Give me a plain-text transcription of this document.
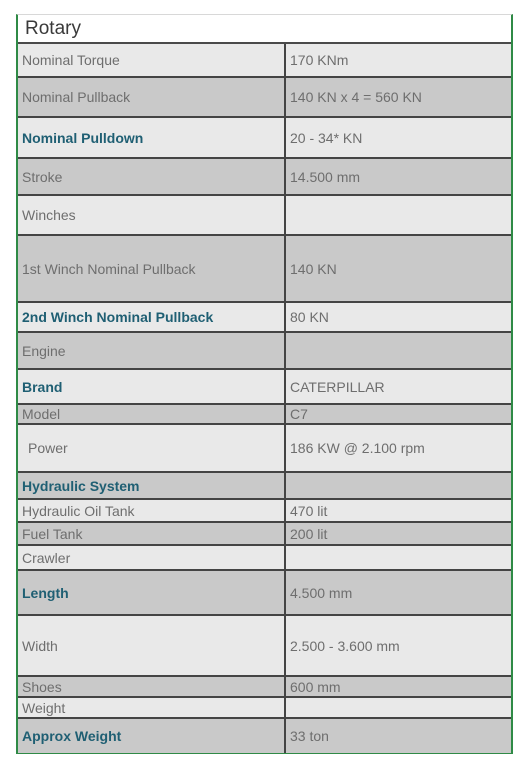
Rotary
Nominal Torque	170 KNm
Nominal Pullback	140 KN x 4 = 560 KN
Nominal Pulldown	20 - 34* KN
Stroke	14.500 mm
Winches	
1st Winch Nominal Pullback	140 KN
2nd Winch Nominal Pullback	80 KN
Engine	
Brand	CATERPILLAR
Model	C7
Power	186 KW @ 2.100 rpm
Hydraulic System	
Hydraulic Oil Tank	470 lit
Fuel Tank	200 lit
Crawler	
Length	4.500 mm
Width	2.500 - 3.600 mm
Shoes	600 mm
Weight	
Approx Weight	33 ton
